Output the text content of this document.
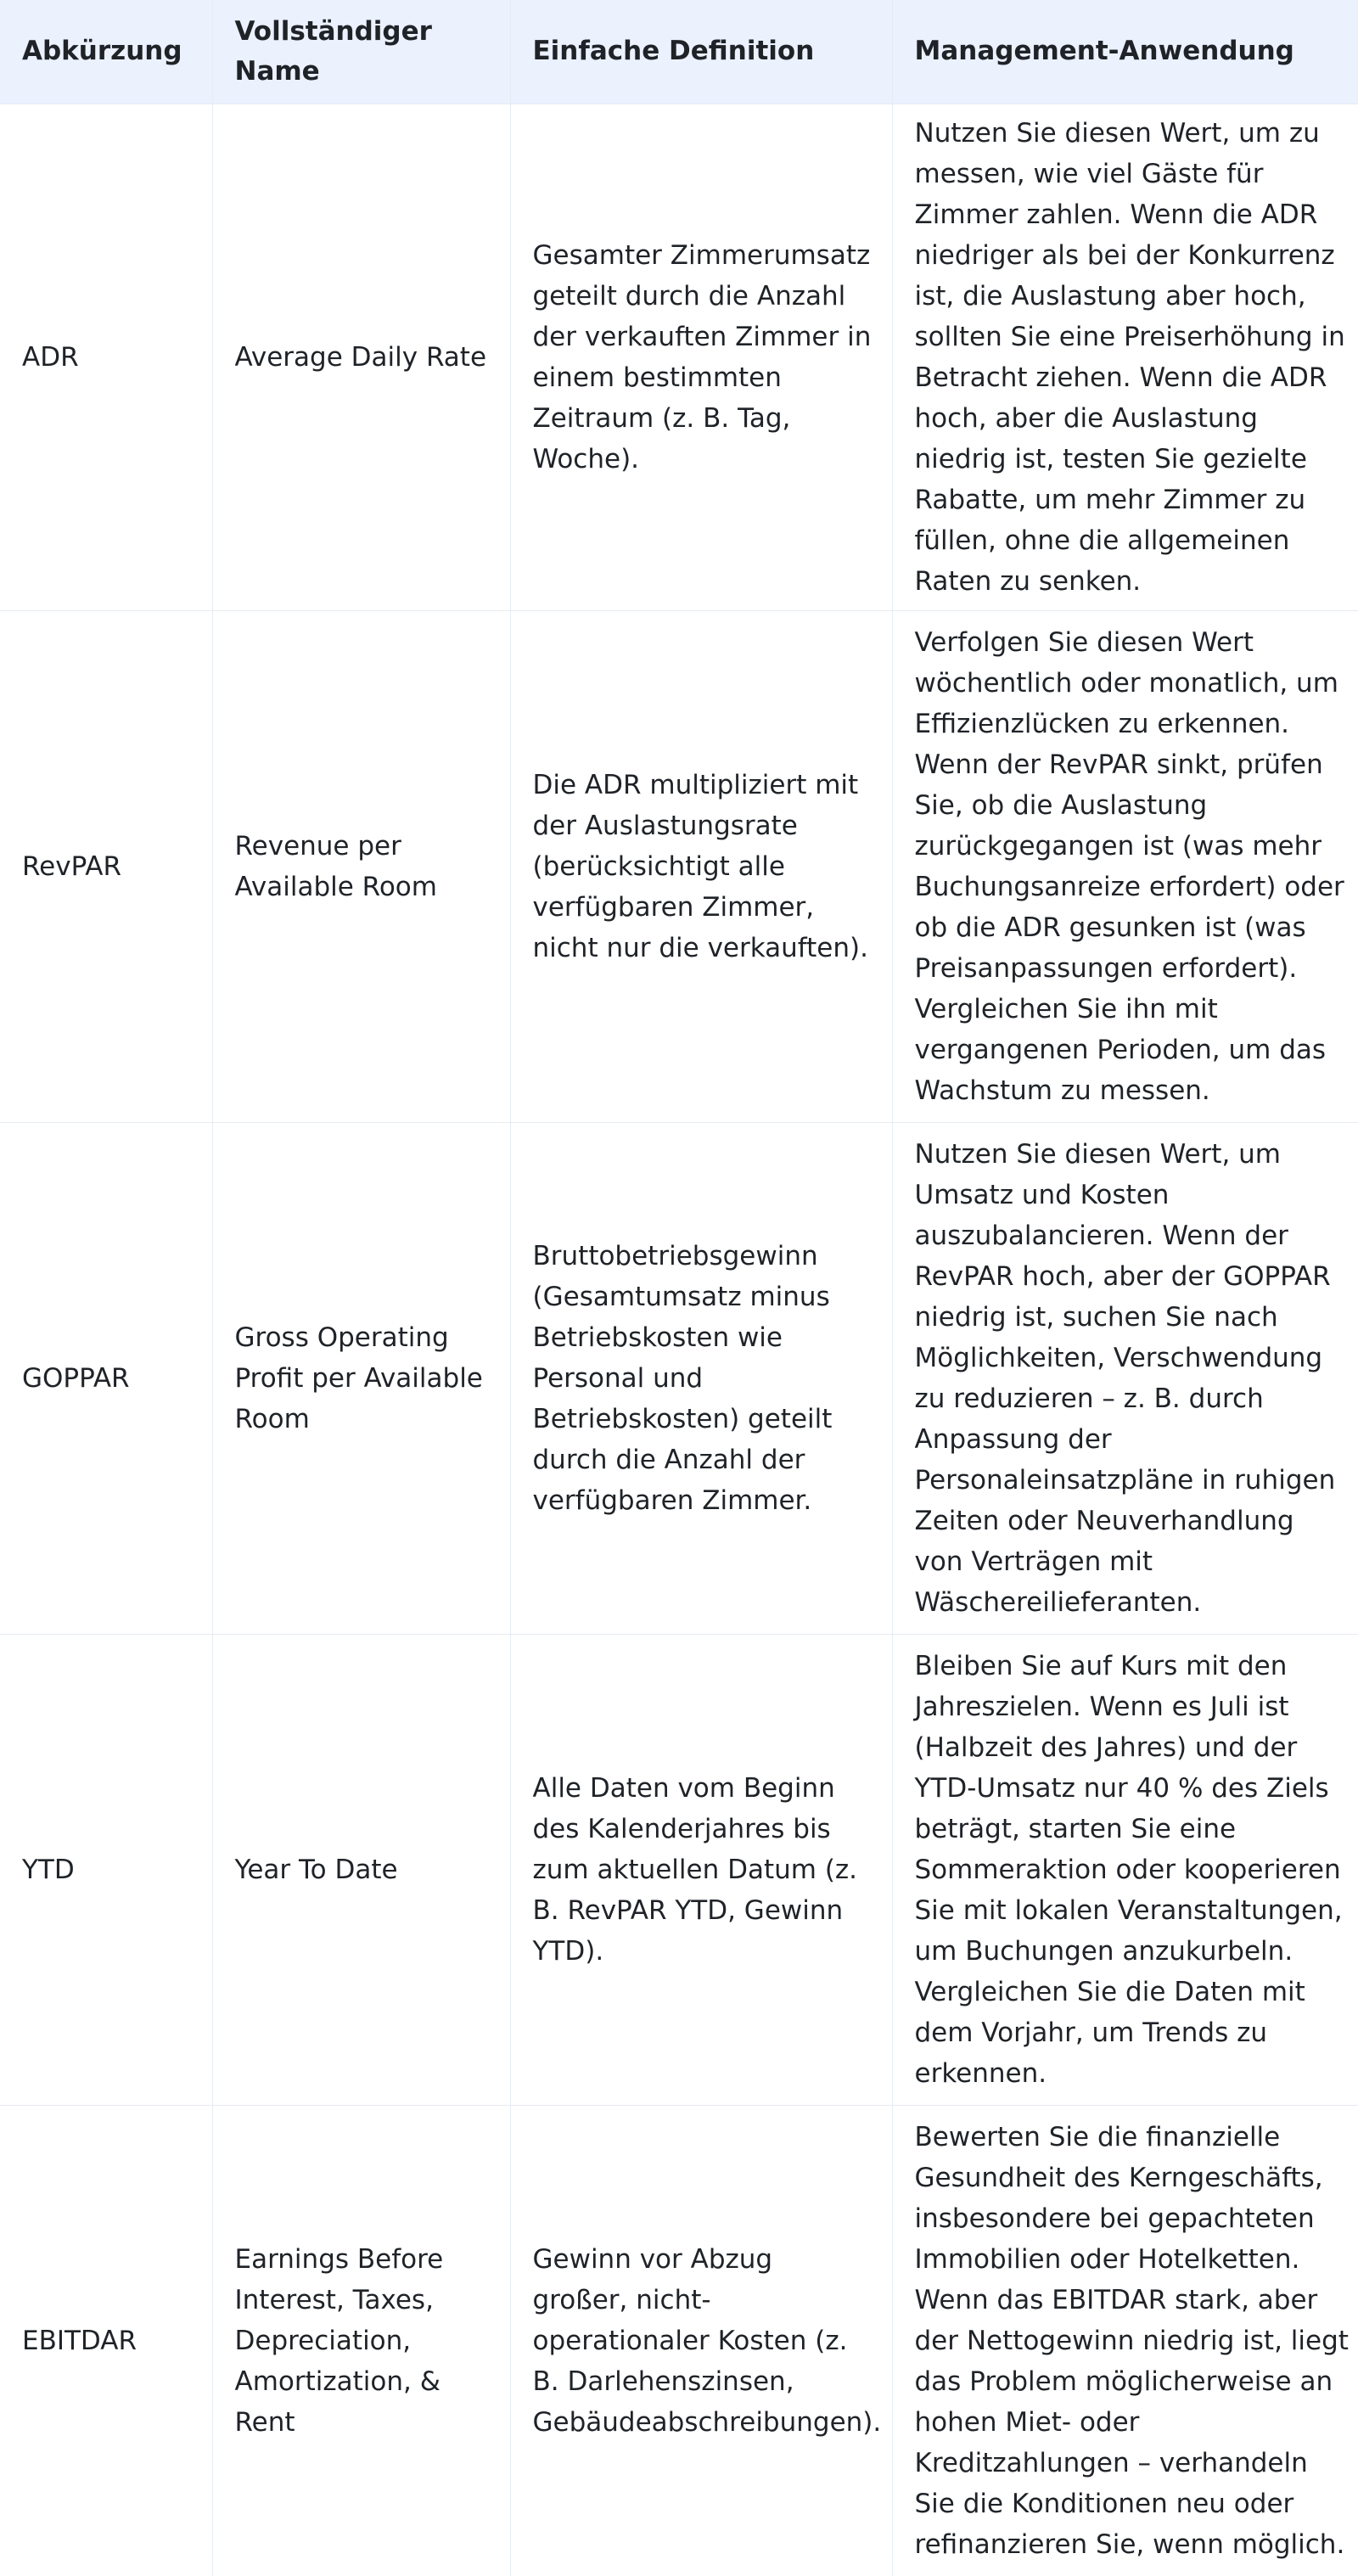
Abkürzung	Vollständiger Name	Einfache Definition	Management-Anwendung
ADR	Average Daily Rate	Gesamter Zimmerumsatz geteilt durch die Anzahl der verkauften Zimmer in einem bestimmten Zeitraum (z. B. Tag, Woche).	Nutzen Sie diesen Wert, um zu messen, wie viel Gäste für Zimmer zahlen. Wenn die ADR niedriger als bei der Konkurrenz ist, die Auslastung aber hoch, sollten Sie eine Preiserhöhung in Betracht ziehen. Wenn die ADR hoch, aber die Auslastung niedrig ist, testen Sie gezielte Rabatte, um mehr Zimmer zu füllen, ohne die allgemeinen Raten zu senken.
RevPAR	Revenue per Available Room	Die ADR multipliziert mit der Auslastungsrate (berücksichtigt alle verfügbaren Zimmer, nicht nur die verkauften).	Verfolgen Sie diesen Wert wöchentlich oder monatlich, um Effizienzlücken zu erkennen. Wenn der RevPAR sinkt, prüfen Sie, ob die Auslastung zurückgegangen ist (was mehr Buchungsanreize erfordert) oder ob die ADR gesunken ist (was Preisanpassungen erfordert). Vergleichen Sie ihn mit vergangenen Perioden, um das Wachstum zu messen.
GOPPAR	Gross Operating Profit per Available Room	Bruttobetriebsgewinn (Gesamtumsatz minus Betriebskosten wie Personal und Betriebskosten) geteilt durch die Anzahl der verfügbaren Zimmer.	Nutzen Sie diesen Wert, um Umsatz und Kosten auszubalancieren. Wenn der RevPAR hoch, aber der GOPPAR niedrig ist, suchen Sie nach Möglichkeiten, Verschwendung zu reduzieren – z. B. durch Anpassung der Personaleinsatzpläne in ruhigen Zeiten oder Neuverhandlung von Verträgen mit Wäschereilieferanten.
YTD	Year To Date	Alle Daten vom Beginn des Kalenderjahres bis zum aktuellen Datum (z. B. RevPAR YTD, Gewinn YTD).	Bleiben Sie auf Kurs mit den Jahreszielen. Wenn es Juli ist (Halbzeit des Jahres) und der YTD-Umsatz nur 40 % des Ziels beträgt, starten Sie eine Sommeraktion oder kooperieren Sie mit lokalen Veranstaltungen, um Buchungen anzukurbeln. Vergleichen Sie die Daten mit dem Vorjahr, um Trends zu erkennen.
EBITDAR	Earnings Before Interest, Taxes, Depreciation, Amortization, & Rent	Gewinn vor Abzug großer, nicht-operationaler Kosten (z. B. Darlehenszinsen, Gebäudeabschreibungen).	Bewerten Sie die finanzielle Gesundheit des Kerngeschäfts, insbesondere bei gepachteten Immobilien oder Hotelketten. Wenn das EBITDAR stark, aber der Nettogewinn niedrig ist, liegt das Problem möglicherweise an hohen Miet- oder Kreditzahlungen – verhandeln Sie die Konditionen neu oder refinanzieren Sie, wenn möglich.
